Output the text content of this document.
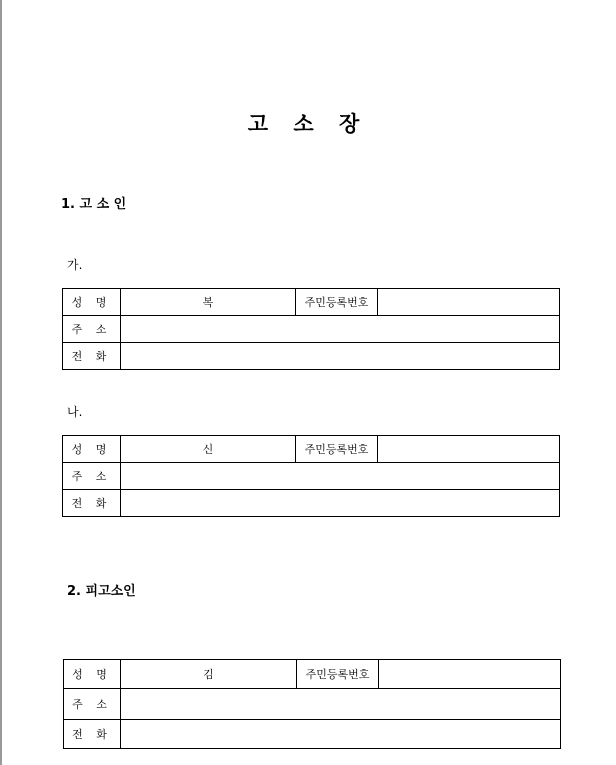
고 소 장
1. 고 소 인
가.
성 명	복	주민등록번호	
주 소			
전 화			
나.
성 명	신	주민등록번호	
주 소			
전 화			
2. 피고소인
성 명	김	주민등록번호	
주 소			
전 화			
